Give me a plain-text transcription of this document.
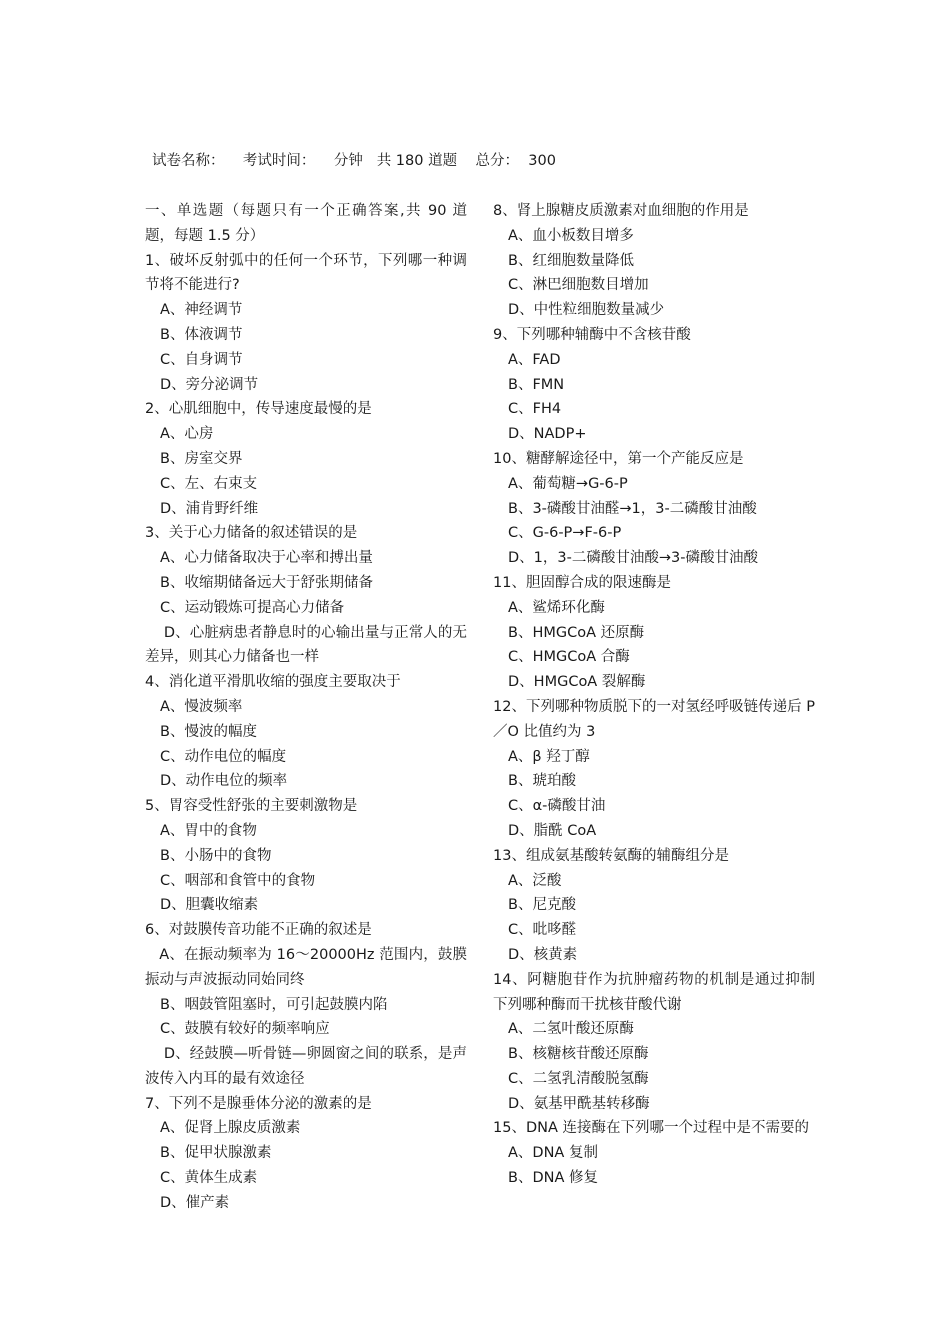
试卷名称：    考试时间：    分钟   共 180 道题    总分：  300
一、单选题（每题只有一个正确答案,共 90 道题，每题 1.5 分）
1、破坏反射弧中的任何一个环节，下列哪一种调节将不能进行?
A、神经调节
B、体液调节
C、自身调节
D、旁分泌调节
2、心肌细胞中，传导速度最慢的是
A、心房
B、房室交界
C、左、右束支
D、浦肯野纤维
3、关于心力储备的叙述错误的是
A、心力储备取决于心率和搏出量
B、收缩期储备远大于舒张期储备
C、运动锻炼可提高心力储备
D、心脏病患者静息时的心输出量与正常人的无差异，则其心力储备也一样
4、消化道平滑肌收缩的强度主要取决于
A、慢波频率
B、慢波的幅度
C、动作电位的幅度
D、动作电位的频率
5、胃容受性舒张的主要刺激物是
A、胃中的食物
B、小肠中的食物
C、咽部和食管中的食物
D、胆囊收缩素
6、对鼓膜传音功能不正确的叙述是
A、在振动频率为 16～20000Hz 范围内，鼓膜振动与声波振动同始同终
B、咽鼓管阻塞时，可引起鼓膜内陷
C、鼓膜有较好的频率响应
D、经鼓膜—听骨链—卵圆窗之间的联系，是声波传入内耳的最有效途径
7、下列不是腺垂体分泌的激素的是
A、促肾上腺皮质激素
B、促甲状腺激素
C、黄体生成素
D、催产素
8、肾上腺糖皮质激素对血细胞的作用是
A、血小板数目增多
B、红细胞数量降低
C、淋巴细胞数目增加
D、中性粒细胞数量减少
9、下列哪种辅酶中不含核苷酸
A、FAD
B、FMN
C、FH4
D、NADP+
10、糖酵解途径中，第一个产能反应是
A、葡萄糖→G-6-P
B、3-磷酸甘油醛→1，3-二磷酸甘油酸
C、G-6-P→F-6-P
D、1，3-二磷酸甘油酸→3-磷酸甘油酸
11、胆固醇合成的限速酶是
A、鲨烯环化酶
B、HMGCoA 还原酶
C、HMGCoA 合酶
D、HMGCoA 裂解酶
12、下列哪种物质脱下的一对氢经呼吸链传递后 P／O 比值约为 3
A、β 羟丁醇
B、琥珀酸
C、α-磷酸甘油
D、脂酰 CoA
13、组成氨基酸转氨酶的辅酶组分是
A、泛酸
B、尼克酸
C、吡哆醛
D、核黄素
14、阿糖胞苷作为抗肿瘤药物的机制是通过抑制下列哪种酶而干扰核苷酸代谢
A、二氢叶酸还原酶
B、核糖核苷酸还原酶
C、二氢乳清酸脱氢酶
D、氨基甲酰基转移酶
15、DNA 连接酶在下列哪一个过程中是不需要的
A、DNA 复制
B、DNA 修复
